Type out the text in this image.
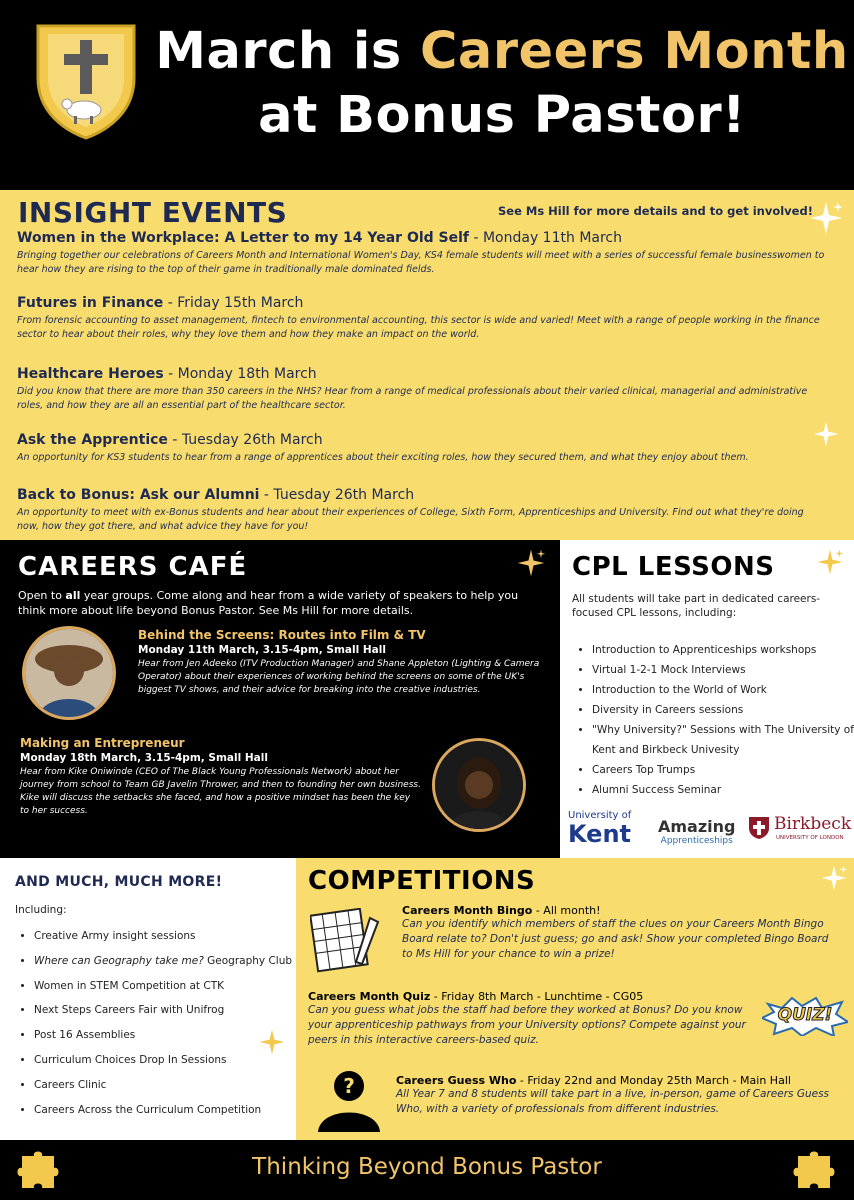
March is Careers Month
at Bonus Pastor!
INSIGHT EVENTS	See Ms Hill for more details and to get involved!
Women in the Workplace: A Letter to my 14 Year Old Self - Monday 11th March
Bringing together our celebrations of Careers Month and International Women's Day, KS4 female students will meet with a series of successful female businesswomen to hear how they are rising to the top of their game in traditionally male dominated fields.
Futures in Finance - Friday 15th March
From forensic accounting to asset management, fintech to environmental accounting, this sector is wide and varied! Meet with a range of people working in the finance sector to hear about their roles, why they love them and how they make an impact on the world.
Healthcare Heroes - Monday 18th March
Did you know that there are more than 350 careers in the NHS? Hear from a range of medical professionals about their varied clinical, managerial and administrative roles, and how they are all an essential part of the healthcare sector.
Ask the Apprentice - Tuesday 26th March
An opportunity for KS3 students to hear from a range of apprentices about their exciting roles, how they secured them, and what they enjoy about them.
Back to Bonus: Ask our Alumni - Tuesday 26th March
An opportunity to meet with ex-Bonus students and hear about their experiences of College, Sixth Form, Apprenticeships and University. Find out what they're doing now, how they got there, and what advice they have for you!
CAREERS CAFÉ
Open to all year groups. Come along and hear from a wide variety of speakers to help you think more about life beyond Bonus Pastor. See Ms Hill for more details.
Behind the Screens: Routes into Film & TV
Monday 11th March, 3.15-4pm, Small Hall
Hear from Jen Adeeko (ITV Production Manager) and Shane Appleton (Lighting & Camera Operator) about their experiences of working behind the screens on some of the UK's biggest TV shows, and their advice for breaking into the creative industries.
Making an Entrepreneur
Monday 18th March, 3.15-4pm, Small Hall
Hear from Kike Oniwinde (CEO of The Black Young Professionals Network) about her journey from school to Team GB Javelin Thrower, and then to founding her own business. Kike will discuss the setbacks she faced, and how a positive mindset has been the key to her success.
CPL LESSONS
All students will take part in dedicated careers-focused CPL lessons, including:
• Introduction to Apprenticeships workshops
• Virtual 1-2-1 Mock Interviews
• Introduction to the World of Work
• Diversity in Careers sessions
• "Why University?" Sessions with The University of Kent and Birkbeck Univesity
• Careers Top Trumps
• Alumni Success Seminar
University of
Kent Amazing
Apprenticeships
Birkbeck
UNIVERSITY OF LONDON
AND MUCH, MUCH MORE!
Including:
• Creative Army insight sessions
• Where can Geography take me? Geography Club
• Women in STEM Competition at CTK
• Next Steps Careers Fair with Unifrog
• Post 16 Assemblies
• Curriculum Choices Drop In Sessions
• Careers Clinic
• Careers Across the Curriculum Competition
COMPETITIONS
Careers Month Bingo - All month!
Can you identify which members of staff the clues on your Careers Month Bingo Board relate to? Don't just guess; go and ask! Show your completed Bingo Board to Ms Hill for your chance to win a prize!
Careers Month Quiz - Friday 8th March - Lunchtime - CG05
Can you guess what jobs the staff had before they worked at Bonus? Do you know your apprenticeship pathways from your University options? Compete against your peers in this interactive careers-based quiz.
QUIZ!
?	Careers Guess Who - Friday 22nd and Monday 25th March - Main Hall
All Year 7 and 8 students will take part in a live, in-person, game of Careers Guess Who, with a variety of professionals from different industries.
Thinking Beyond Bonus Pastor
